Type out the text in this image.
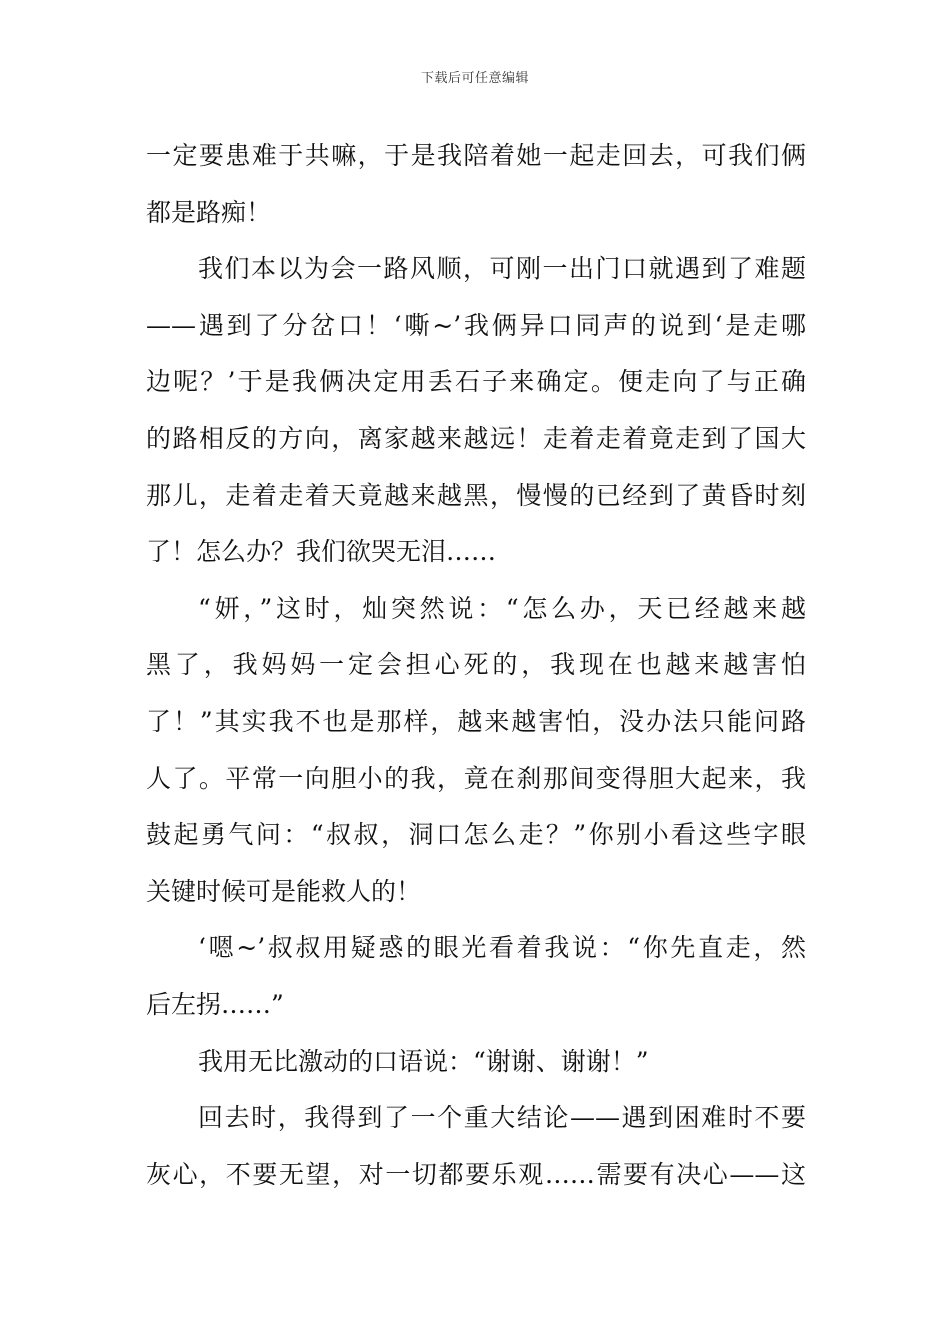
下载后可任意编辑
一定要患难于共嘛，于是我陪着她一起走回去，可我们俩
都是路痴！
我们本以为会一路风顺，可刚一出门口就遇到了难题
——遇到了分岔口！‘嘶~’我俩异口同声的说到‘是走哪
边呢？’于是我俩决定用丢石子来确定。便走向了与正确
的路相反的方向，离家越来越远！走着走着竟走到了国大
那儿，走着走着天竟越来越黑，慢慢的已经到了黄昏时刻
了！怎么办？我们欲哭无泪……
“妍，”这时，灿突然说：“怎么办，天已经越来越
黑了，我妈妈一定会担心死的，我现在也越来越害怕
了！”其实我不也是那样，越来越害怕，没办法只能问路
人了。平常一向胆小的我，竟在刹那间变得胆大起来，我
鼓起勇气问：“叔叔，洞口怎么走？”你别小看这些字眼
关键时候可是能救人的！
‘嗯~’叔叔用疑惑的眼光看着我说：“你先直走，然
后左拐……”
我用无比激动的口语说：“谢谢、谢谢！”
回去时，我得到了一个重大结论——遇到困难时不要
灰心，不要无望，对一切都要乐观……需要有决心——这
